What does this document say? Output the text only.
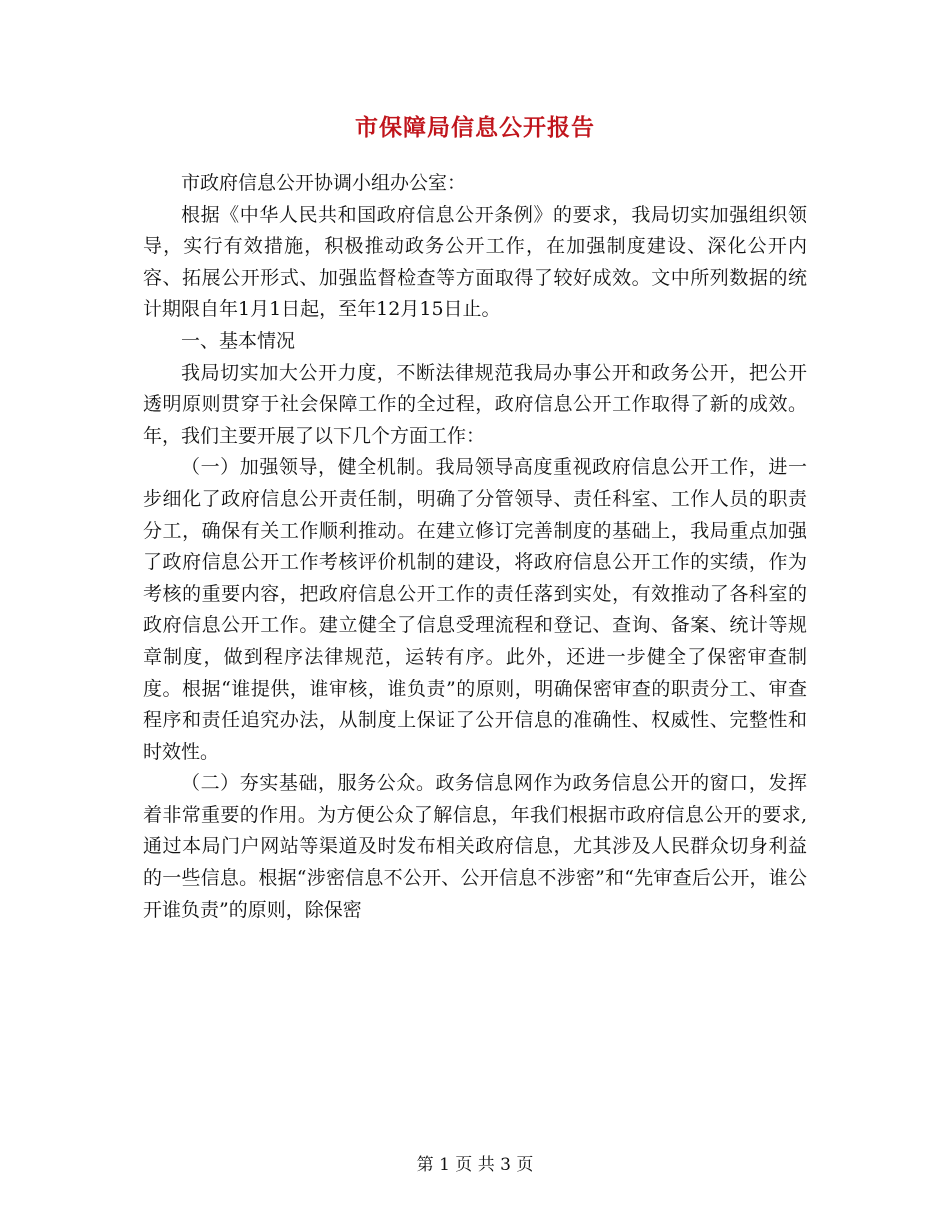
市保障局信息公开报告

市政府信息公开协调小组办公室：

根据《中华人民共和国政府信息公开条例》的要求，我局切实加强组织领导，实行有效措施，积极推动政务公开工作，在加强制度建设、深化公开内容、拓展公开形式、加强监督检查等方面取得了较好成效。文中所列数据的统计期限自年1月1日起，至年12月15日止。

一、基本情况

我局切实加大公开力度，不断法律规范我局办事公开和政务公开，把公开透明原则贯穿于社会保障工作的全过程，政府信息公开工作取得了新的成效。年，我们主要开展了以下几个方面工作：

（一）加强领导，健全机制。我局领导高度重视政府信息公开工作，进一步细化了政府信息公开责任制，明确了分管领导、责任科室、工作人员的职责分工，确保有关工作顺利推动。在建立修订完善制度的基础上，我局重点加强了政府信息公开工作考核评价机制的建设，将政府信息公开工作的实绩，作为考核的重要内容，把政府信息公开工作的责任落到实处，有效推动了各科室的政府信息公开工作。建立健全了信息受理流程和登记、查询、备案、统计等规章制度，做到程序法律规范，运转有序。此外，还进一步健全了保密审查制度。根据“谁提供，谁审核，谁负责”的原则，明确保密审查的职责分工、审查程序和责任追究办法，从制度上保证了公开信息的准确性、权威性、完整性和时效性。

（二）夯实基础，服务公众。政务信息网作为政务信息公开的窗口，发挥着非常重要的作用。为方便公众了解信息，年我们根据市政府信息公开的要求,通过本局门户网站等渠道及时发布相关政府信息，尤其涉及人民群众切身利益的一些信息。根据“涉密信息不公开、公开信息不涉密”和“先审查后公开，谁公开谁负责”的原则，除保密

第 1 页 共 3 页
